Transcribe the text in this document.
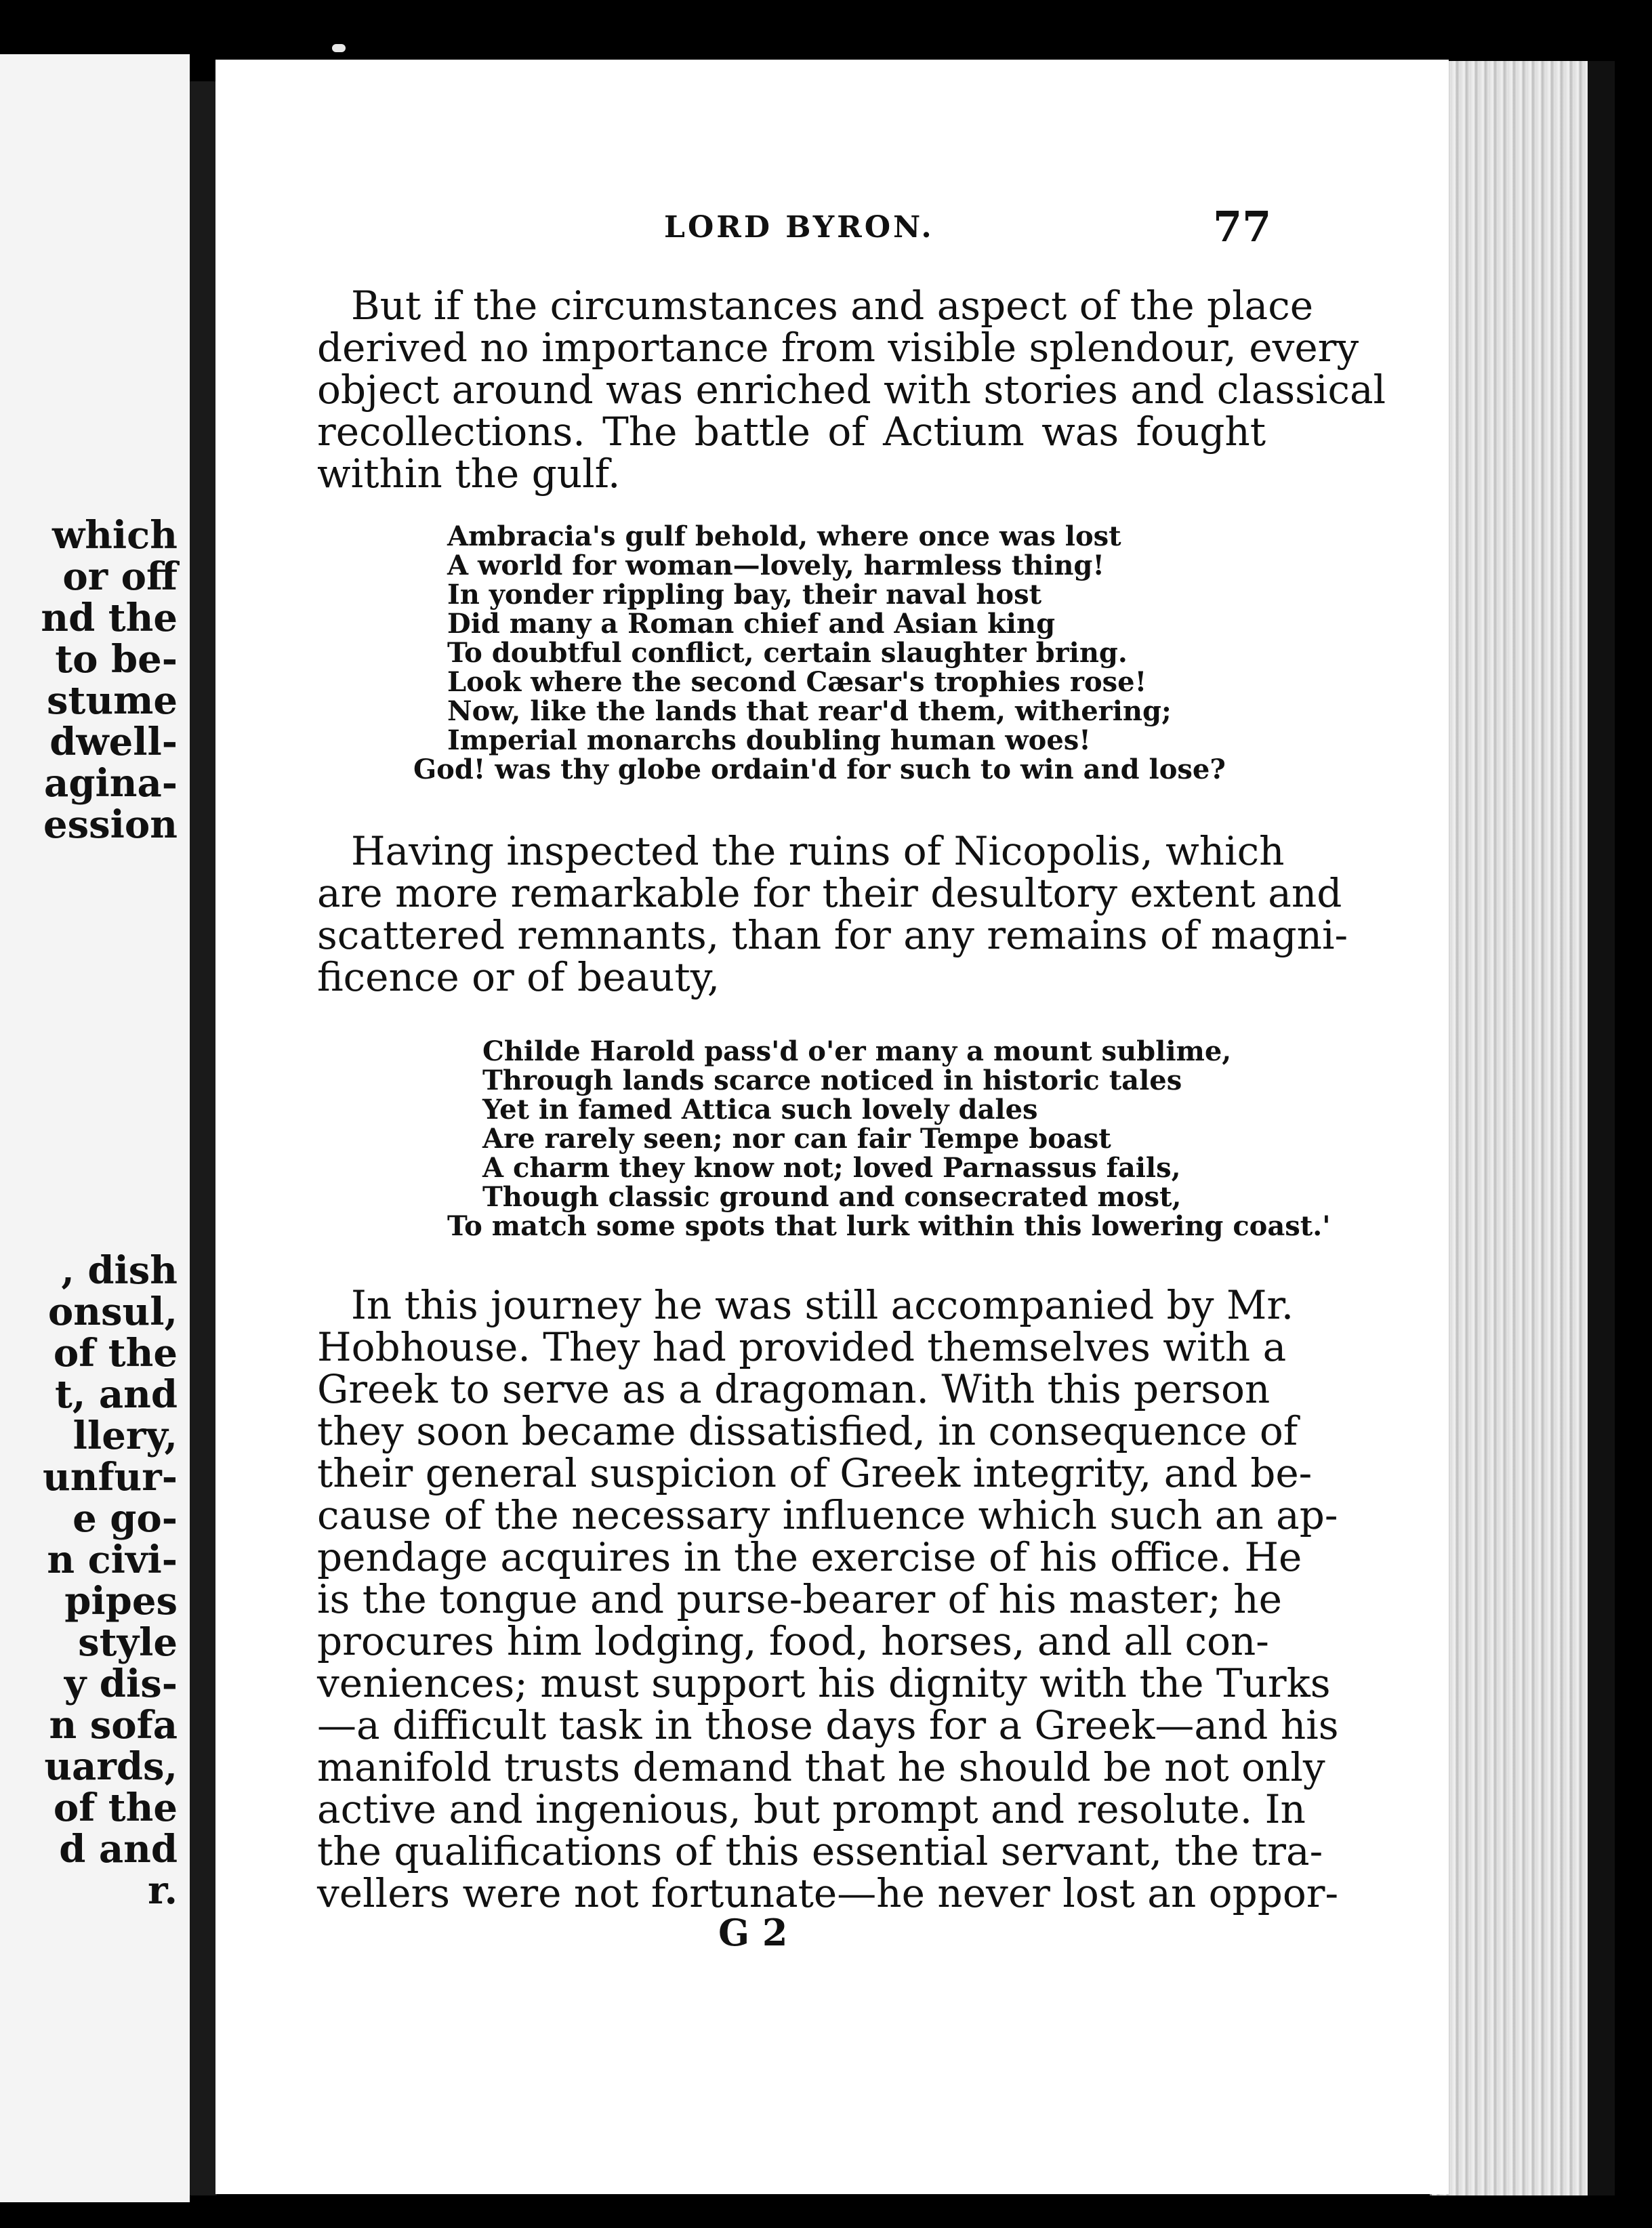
which
or off
nd the
to be-
stume
dwell-
agina-
ession
, dish
onsul,
of the
t, and
llery,
unfur-
e go-
n civi-
pipes
style
y dis-
n sofa
uards,
of the
d and
r.
LORD BYRON.	77
But if the circumstances and aspect of the place
derived no importance from visible splendour, every
object around was enriched with stories and classical
recollections. The battle of Actium was fought
within the gulf.
Ambracia's gulf behold, where once was lost
A world for woman—lovely, harmless thing!
In yonder rippling bay, their naval host
Did many a Roman chief and Asian king
To doubtful conflict, certain slaughter bring.
Look where the second Cæsar's trophies rose!
Now, like the lands that rear'd them, withering;
Imperial monarchs doubling human woes!
God! was thy globe ordain'd for such to win and lose?
Having inspected the ruins of Nicopolis, which
are more remarkable for their desultory extent and
scattered remnants, than for any remains of magni-
ficence or of beauty,
Childe Harold pass'd o'er many a mount sublime,
Through lands scarce noticed in historic tales
Yet in famed Attica such lovely dales
Are rarely seen; nor can fair Tempe boast
A charm they know not; loved Parnassus fails,
Though classic ground and consecrated most,
To match some spots that lurk within this lowering coast.'
In this journey he was still accompanied by Mr.
Hobhouse. They had provided themselves with a
Greek to serve as a dragoman. With this person
they soon became dissatisfied, in consequence of
their general suspicion of Greek integrity, and be-
cause of the necessary influence which such an ap-
pendage acquires in the exercise of his office. He
is the tongue and purse-bearer of his master; he
procures him lodging, food, horses, and all con-
veniences; must support his dignity with the Turks
—a difficult task in those days for a Greek—and his
manifold trusts demand that he should be not only
active and ingenious, but prompt and resolute. In
the qualifications of this essential servant, the tra-
vellers were not fortunate—he never lost an oppor-
G 2
